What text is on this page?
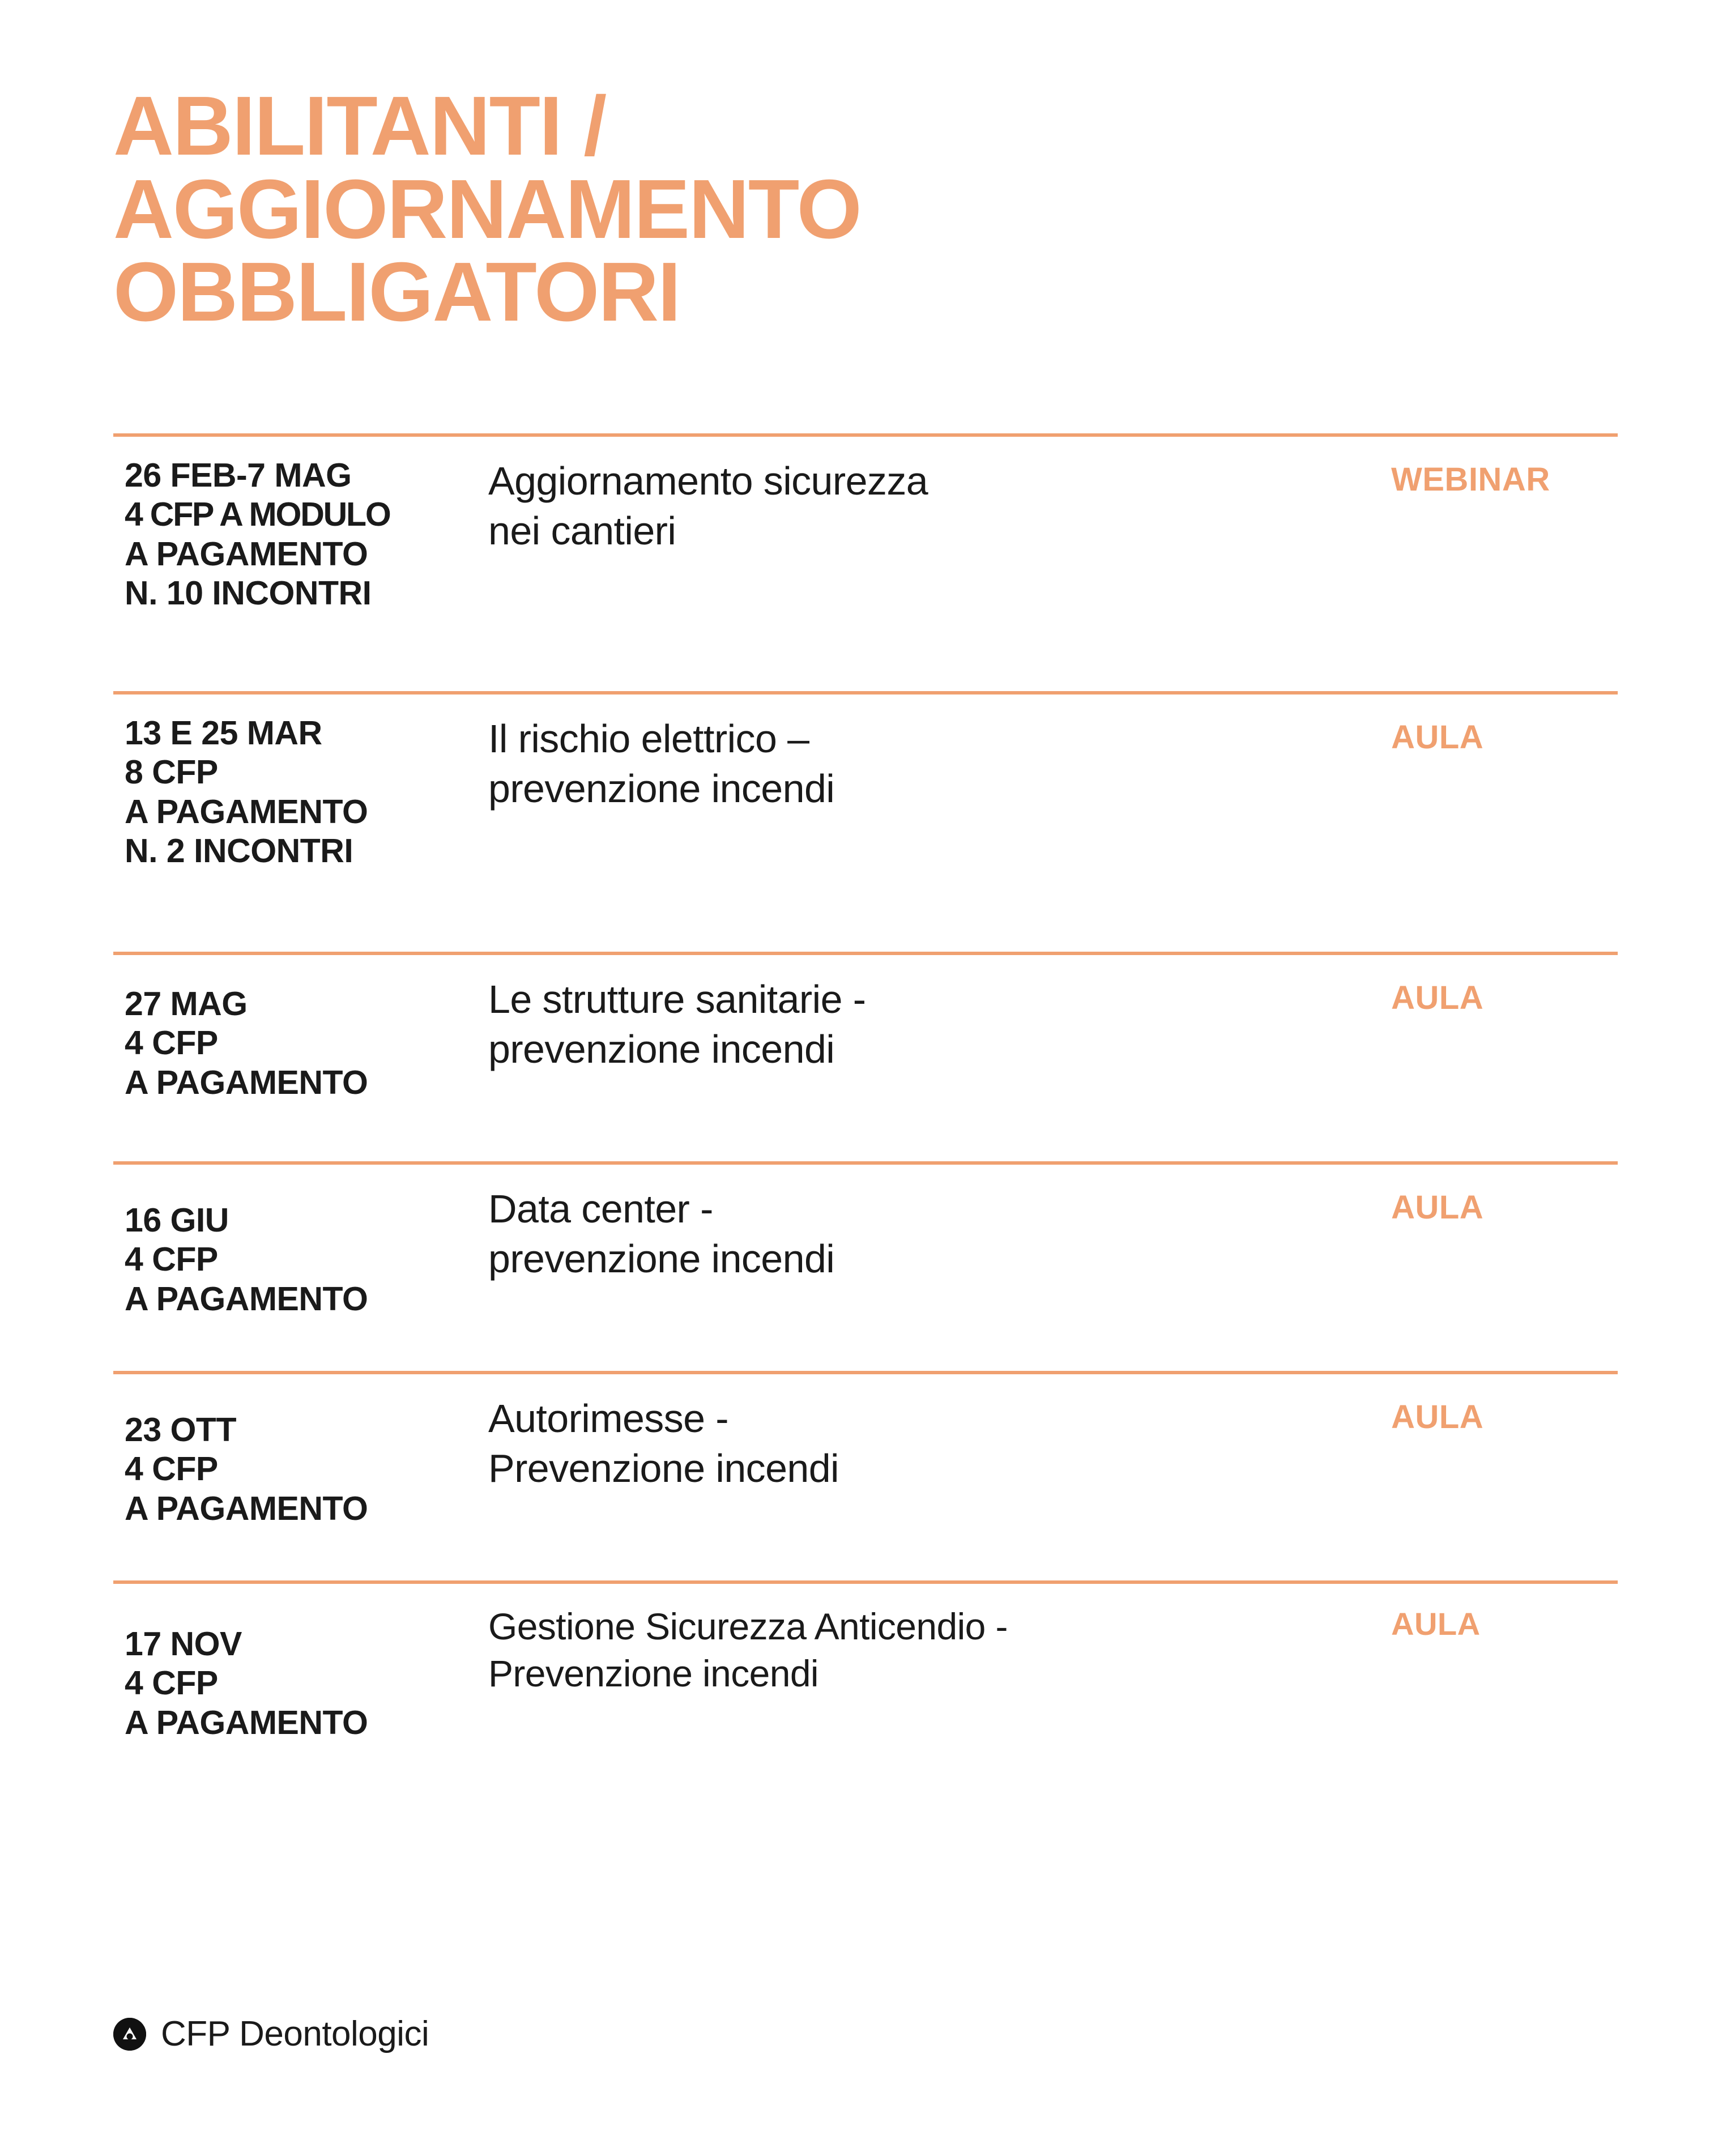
ABILITANTI /
AGGIORNAMENTO
OBBLIGATORI
26 FEB-7 MAG
4 CFP A MODULO
A PAGAMENTO
N. 10 INCONTRI
Aggiornamento sicurezza
nei cantieri
WEBINAR
13 E 25 MAR
8 CFP
A PAGAMENTO
N. 2 INCONTRI
Il rischio elettrico –
prevenzione incendi
AULA
27 MAG
4 CFP
A PAGAMENTO
Le strutture sanitarie -
prevenzione incendi
AULA
16 GIU
4 CFP
A PAGAMENTO
Data center -
prevenzione incendi
AULA
23 OTT
4 CFP
A PAGAMENTO
Autorimesse -
Prevenzione incendi
AULA
17 NOV
4 CFP
A PAGAMENTO
Gestione Sicurezza Anticendio -
Prevenzione incendi
AULA
CFP Deontologici
